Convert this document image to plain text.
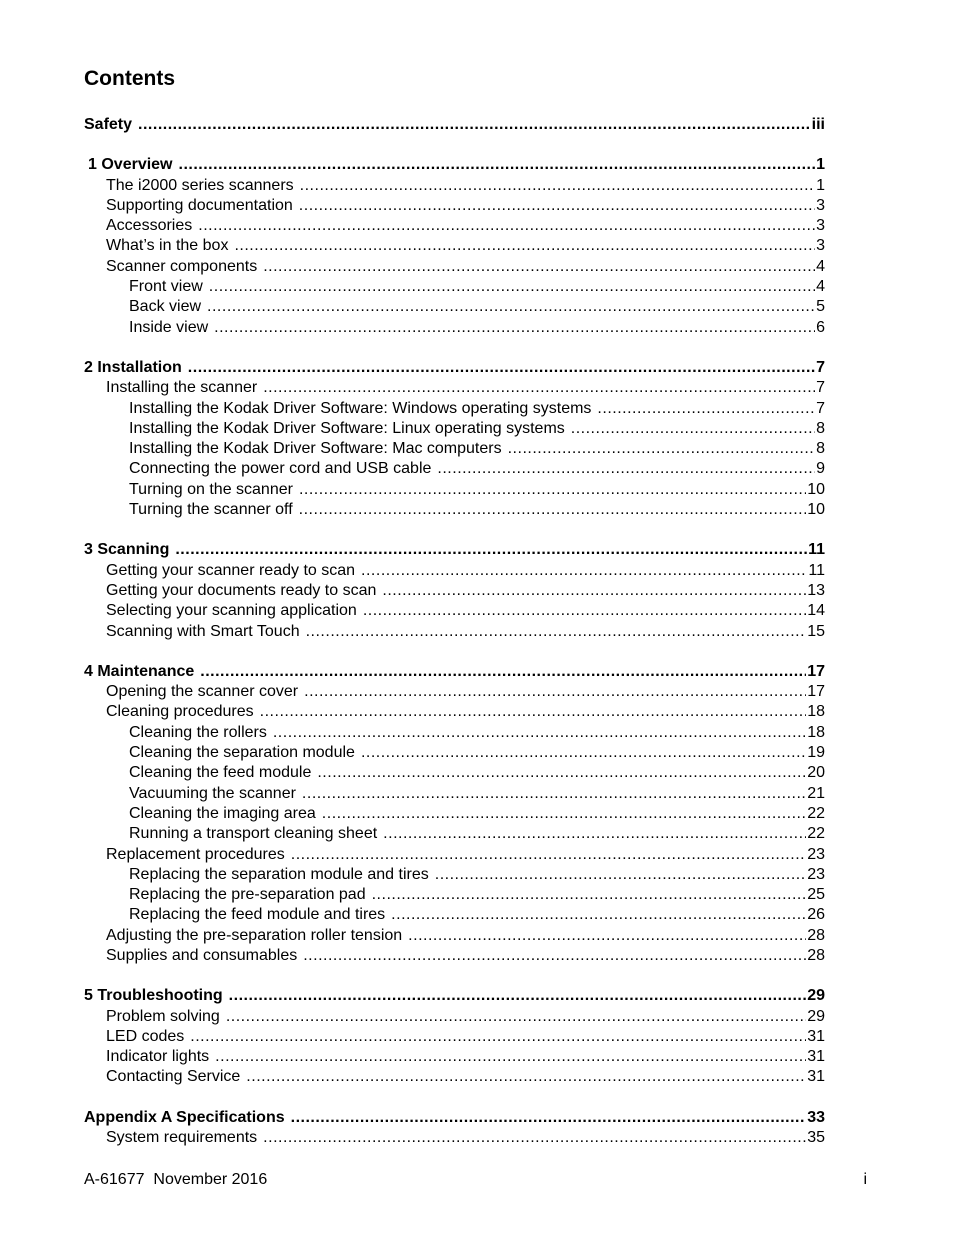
Contents
Safety .....	iii
1 Overview .....	1
The i2000 series scanners .....	1
Supporting documentation .....	3
Accessories .....	3
What’s in the box .....	3
Scanner components .....	4
Front view .....	4
Back view .....	5
Inside view .....	6
2 Installation .....	7
Installing the scanner .....	7
Installing the Kodak Driver Software: Windows operating systems .....	7
Installing the Kodak Driver Software: Linux operating systems .....	8
Installing the Kodak Driver Software: Mac computers .....	8
Connecting the power cord and USB cable .....	9
Turning on the scanner .....	10
Turning the scanner off .....	10
3 Scanning .....	11
Getting your scanner ready to scan .....	11
Getting your documents ready to scan .....	13
Selecting your scanning application .....	14
Scanning with Smart Touch .....	15
4 Maintenance .....	17
Opening the scanner cover .....	17
Cleaning procedures .....	18
Cleaning the rollers .....	18
Cleaning the separation module .....	19
Cleaning the feed module .....	20
Vacuuming the scanner .....	21
Cleaning the imaging area .....	22
Running a transport cleaning sheet .....	22
Replacement procedures .....	23
Replacing the separation module and tires .....	23
Replacing the pre-separation pad .....	25
Replacing the feed module and tires .....	26
Adjusting the pre-separation roller tension .....	28
Supplies and consumables .....	28
5 Troubleshooting .....	29
Problem solving .....	29
LED codes .....	31
Indicator lights .....	31
Contacting Service .....	31
Appendix A Specifications .....	33
System requirements .....	35
A-61677  November 2016	i
